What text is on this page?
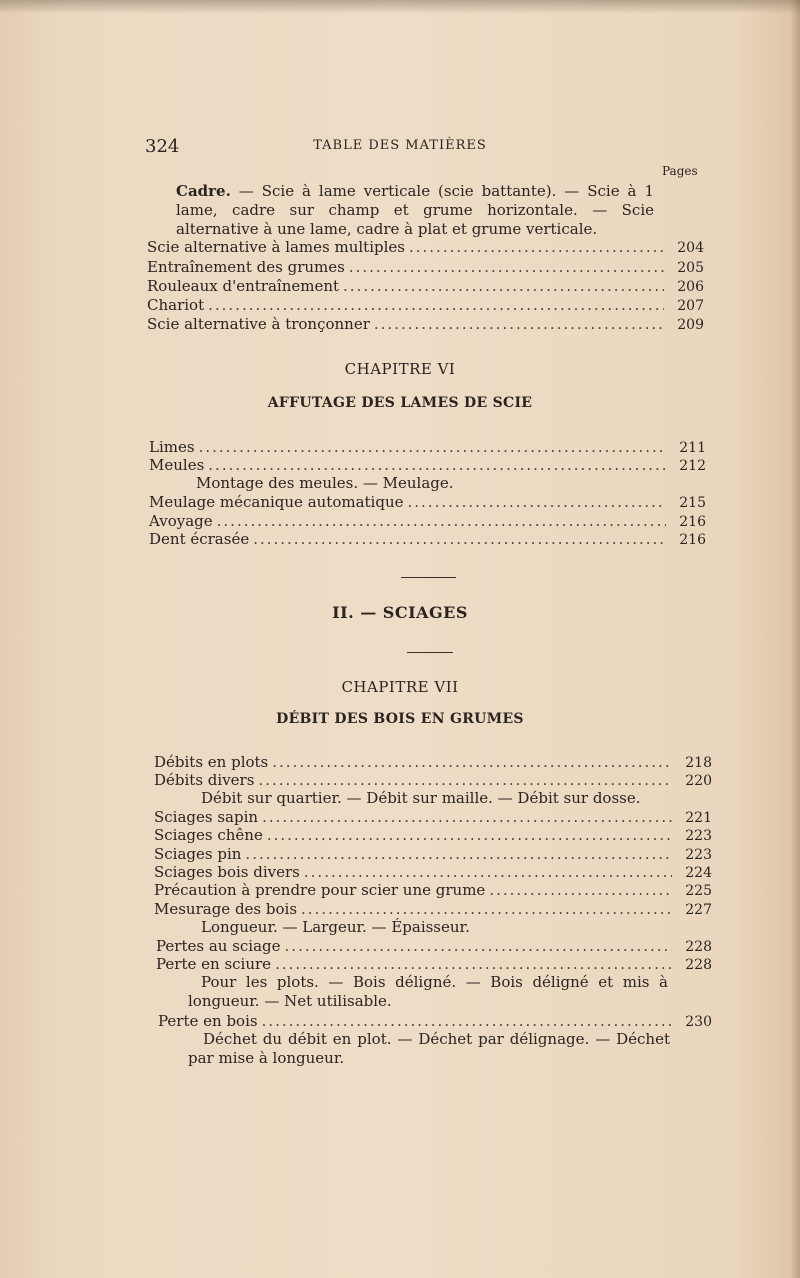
324	TABLE DES MATIÈRES
Pages
Cadre. — Scie à lame verticale (scie battante). — Scie à 1 lame, cadre sur champ et grume horizontale. — Scie alternative à une lame, cadre à plat et grume verticale.
Scie alternative à lames multiples .....	204
Entraînement des grumes .....	205
Rouleaux d'entraînement .....	206
Chariot .....	207
Scie alternative à tronçonner .....	209
CHAPITRE VI
AFFUTAGE DES LAMES DE SCIE
Limes .....	211
Meules .....	212
Montage des meules. — Meulage.
Meulage mécanique automatique .....	215
Avoyage .....	216
Dent écrasée .....	216
II. — SCIAGES
CHAPITRE VII
DÉBIT DES BOIS EN GRUMES
Débits en plots .....	218
Débits divers .....	220
Débit sur quartier. — Débit sur maille. — Débit sur dosse.
Sciages sapin .....	221
Sciages chêne .....	223
Sciages pin .....	223
Sciages bois divers .....	224
Précaution à prendre pour scier une grume .....	225
Mesurage des bois .....	227
Longueur. — Largeur. — Épaisseur.
Pertes au sciage .....	228
Perte en sciure .....	228
Pour les plots. — Bois déligné. — Bois déligné et mis à longueur. — Net utilisable.
Perte en bois .....	230
Déchet du débit en plot. — Déchet par délignage. — Déchet par mise à longueur.
